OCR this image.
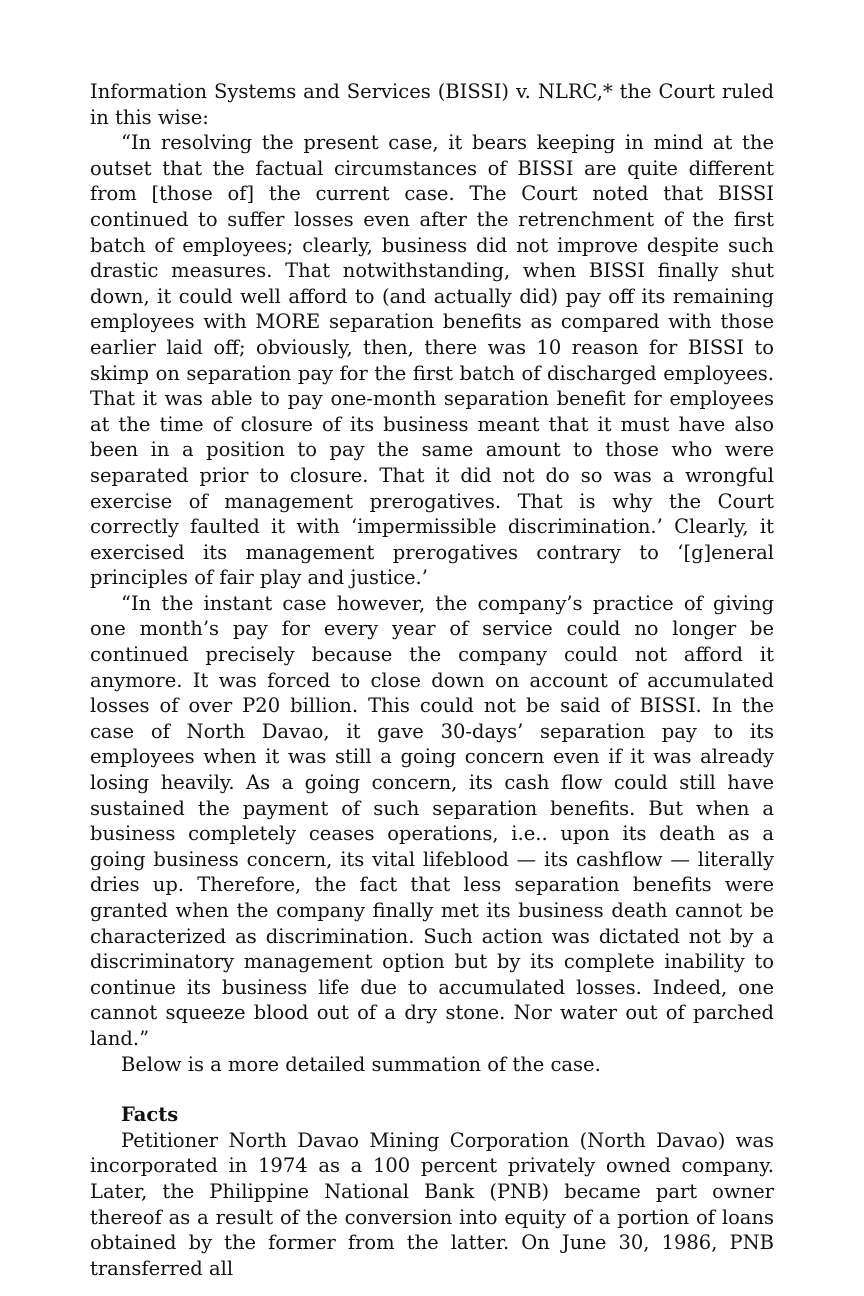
Information Systems and Services (BISSI) v. NLRC,* the Court ruled in this wise:

“In resolving the present case, it bears keeping in mind at the outset that the factual circumstances of BISSI are quite different from [those of] the current case. The Court noted that BISSI continued to suffer losses even after the retrenchment of the first batch of employees; clearly, business did not improve despite such drastic measures. That notwithstanding, when BISSI finally shut down, it could well afford to (and actually did) pay off its remaining employees with MORE separation benefits as compared with those earlier laid off; obviously, then, there was 10 reason for BISSI to skimp on separation pay for the first batch of discharged employees. That it was able to pay one-month separation benefit for employees at the time of closure of its business meant that it must have also been in a position to pay the same amount to those who were separated prior to closure. That it did not do so was a wrongful exercise of management prerogatives. That is why the Court correctly faulted it with ‘impermissible discrimination.’ Clearly, it exercised its management prerogatives contrary to ‘[g]eneral principles of fair play and justice.’

“In the instant case however, the company’s practice of giving one month’s pay for every year of service could no longer be continued precisely because the company could not afford it anymore. It was forced to close down on account of accumulated losses of over P20 billion. This could not be said of BISSI. In the case of North Davao, it gave 30-days’ separation pay to its employees when it was still a going concern even if it was already losing heavily. As a going concern, its cash flow could still have sustained the payment of such separation benefits. But when a business completely ceases operations, i.e.. upon its death as a going business concern, its vital lifeblood — its cashflow — literally dries up. Therefore, the fact that less separation benefits were granted when the company finally met its business death cannot be characterized as discrimination. Such action was dictated not by a discriminatory management option but by its complete inability to continue its business life due to accumulated losses. Indeed, one cannot squeeze blood out of a dry stone. Nor water out of parched land.”

Below is a more detailed summation of the case.

Facts

Petitioner North Davao Mining Corporation (North Davao) was incorporated in 1974 as a 100 percent privately owned company. Later, the Philippine National Bank (PNB) became part owner thereof as a result of the conversion into equity of a portion of loans obtained by the former from the latter. On June 30, 1986, PNB transferred all
